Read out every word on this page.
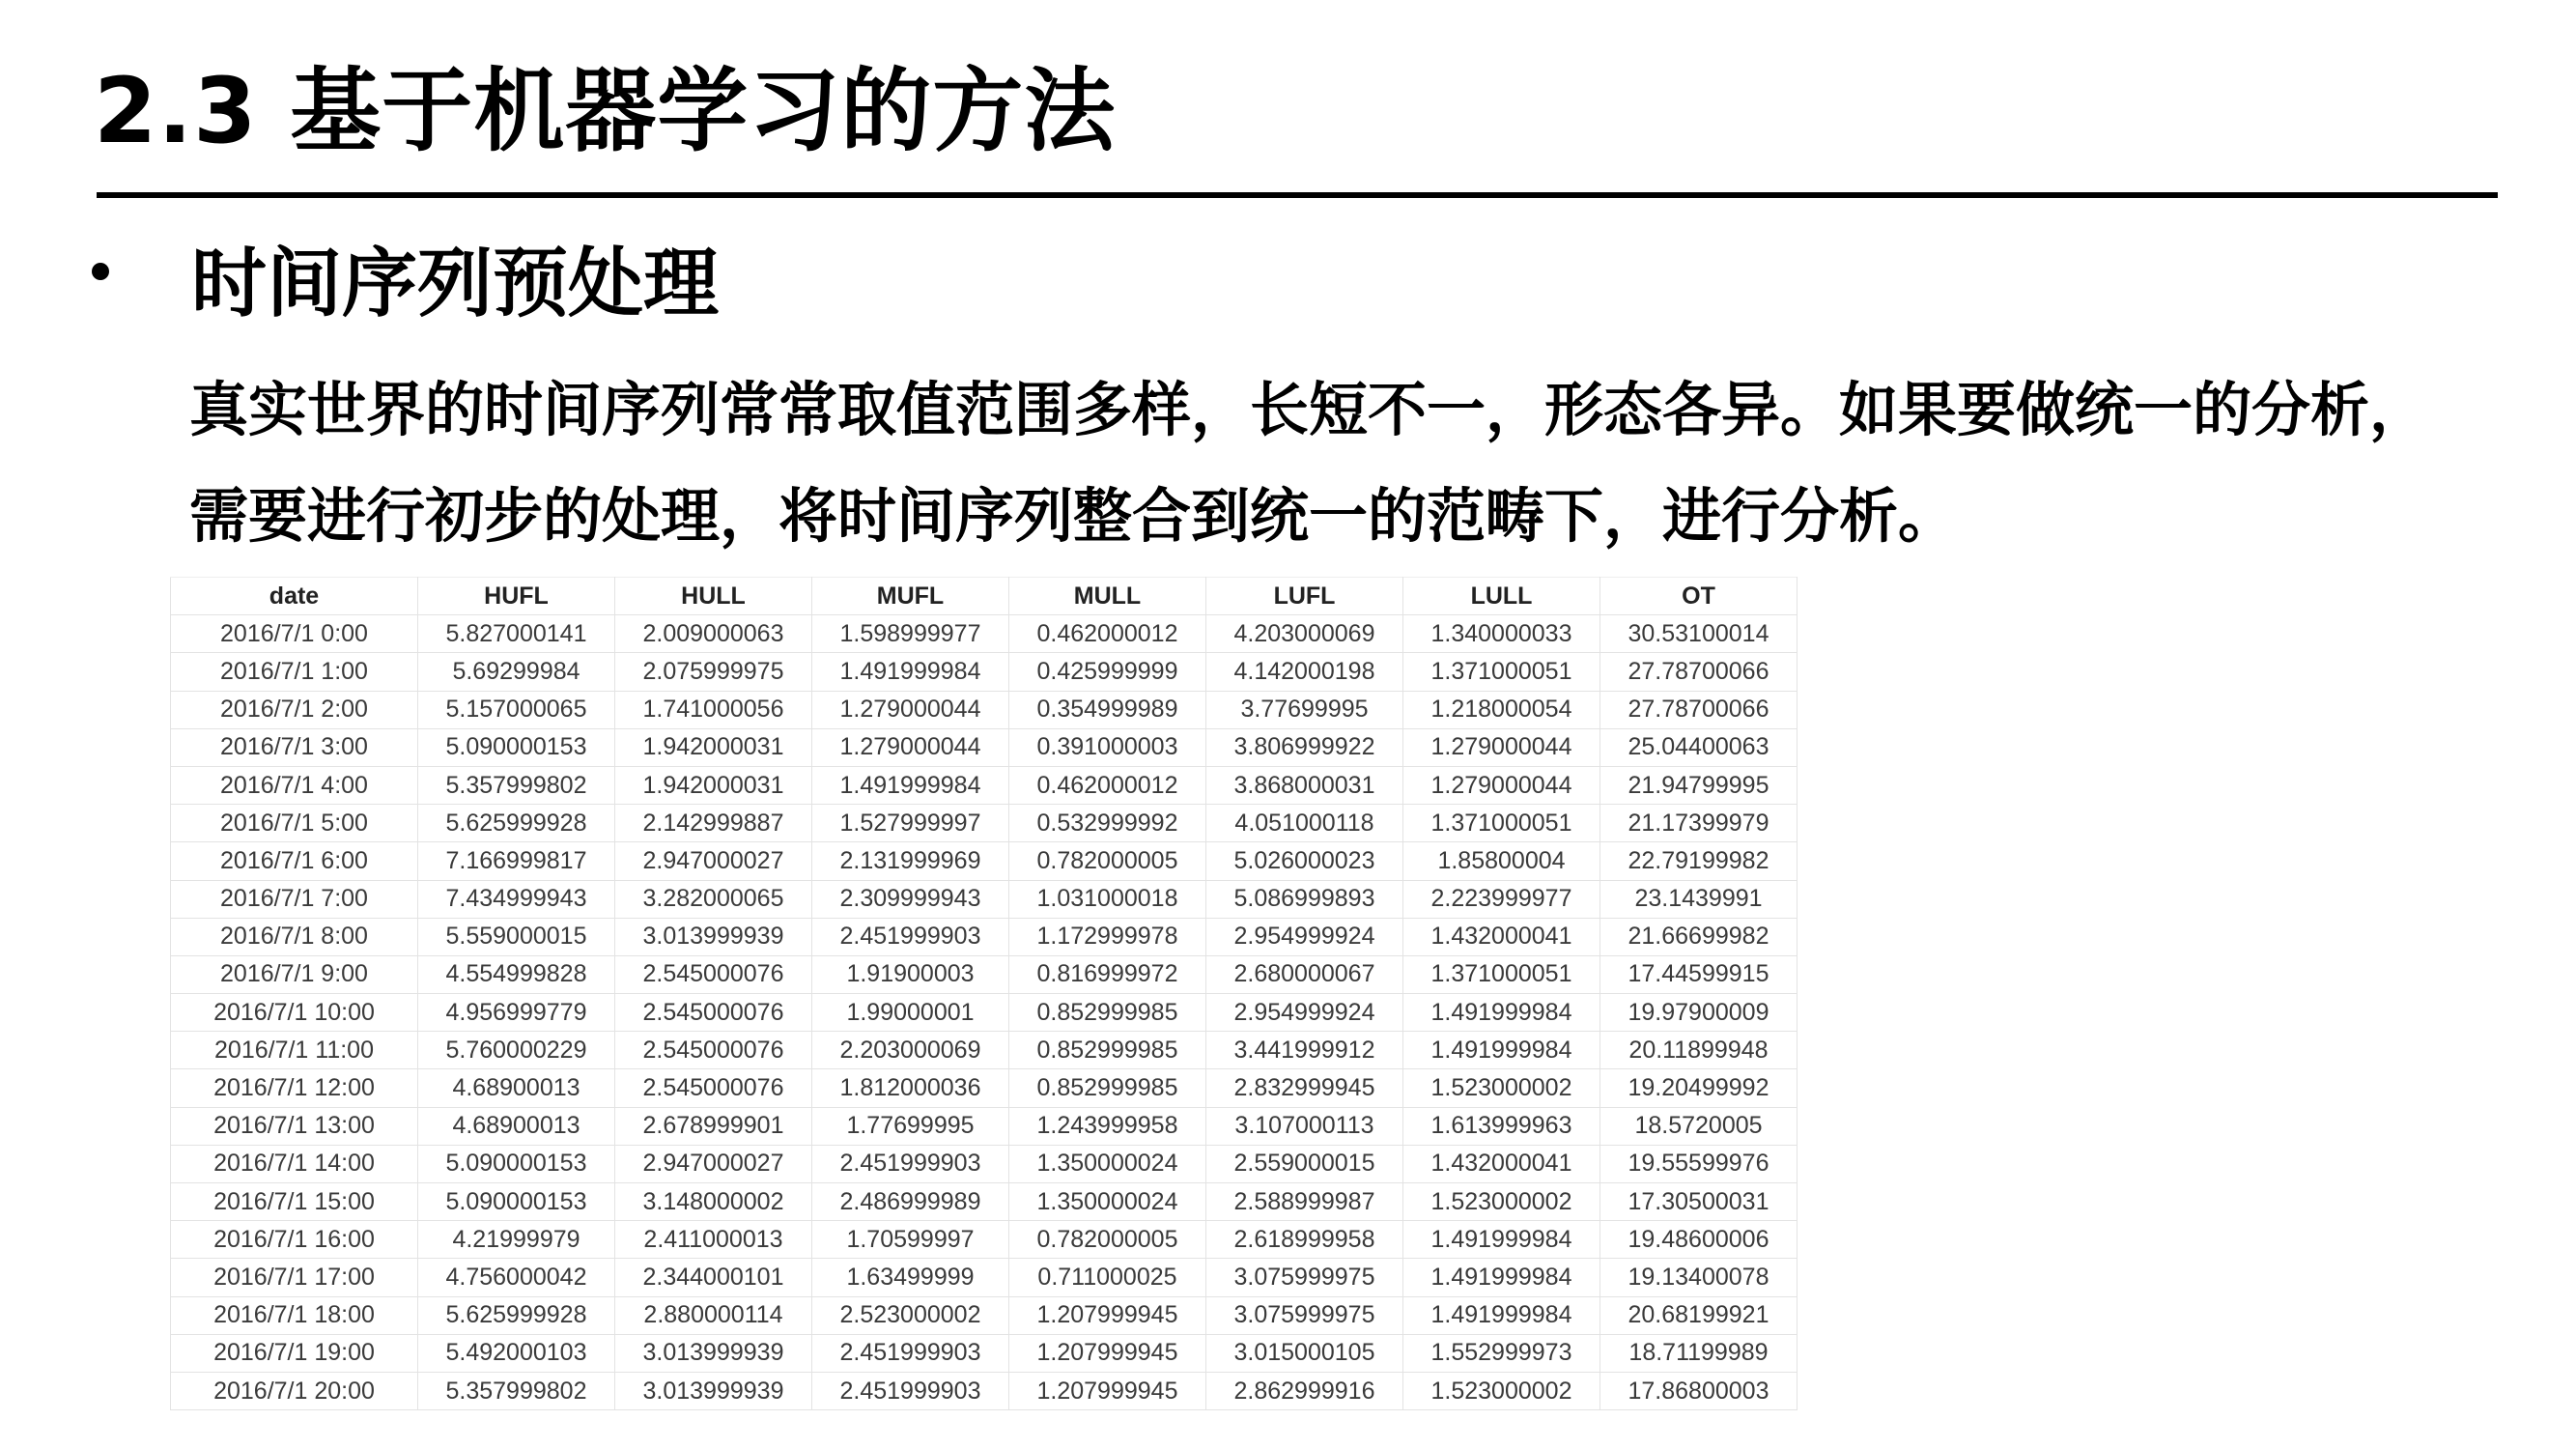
2.3 基于机器学习的方法
时间序列预处理

真实世界的时间序列常常取值范围多样，长短不一，形态各异。如果要做统一的分析，
需要进行初步的处理，将时间序列整合到统一的范畴下，进行分析。

date	HUFL	HULL	MUFL	MULL	LUFL	LULL	OT
2016/7/1 0:00	5.827000141	2.009000063	1.598999977	0.462000012	4.203000069	1.340000033	30.53100014
2016/7/1 1:00	5.69299984	2.075999975	1.491999984	0.425999999	4.142000198	1.371000051	27.78700066
2016/7/1 2:00	5.157000065	1.741000056	1.279000044	0.354999989	3.77699995	1.218000054	27.78700066
2016/7/1 3:00	5.090000153	1.942000031	1.279000044	0.391000003	3.806999922	1.279000044	25.04400063
2016/7/1 4:00	5.357999802	1.942000031	1.491999984	0.462000012	3.868000031	1.279000044	21.94799995
2016/7/1 5:00	5.625999928	2.142999887	1.527999997	0.532999992	4.051000118	1.371000051	21.17399979
2016/7/1 6:00	7.166999817	2.947000027	2.131999969	0.782000005	5.026000023	1.85800004	22.79199982
2016/7/1 7:00	7.434999943	3.282000065	2.309999943	1.031000018	5.086999893	2.223999977	23.1439991
2016/7/1 8:00	5.559000015	3.013999939	2.451999903	1.172999978	2.954999924	1.432000041	21.66699982
2016/7/1 9:00	4.554999828	2.545000076	1.91900003	0.816999972	2.680000067	1.371000051	17.44599915
2016/7/1 10:00	4.956999779	2.545000076	1.99000001	0.852999985	2.954999924	1.491999984	19.97900009
2016/7/1 11:00	5.760000229	2.545000076	2.203000069	0.852999985	3.441999912	1.491999984	20.11899948
2016/7/1 12:00	4.68900013	2.545000076	1.812000036	0.852999985	2.832999945	1.523000002	19.20499992
2016/7/1 13:00	4.68900013	2.678999901	1.77699995	1.243999958	3.107000113	1.613999963	18.5720005
2016/7/1 14:00	5.090000153	2.947000027	2.451999903	1.350000024	2.559000015	1.432000041	19.55599976
2016/7/1 15:00	5.090000153	3.148000002	2.486999989	1.350000024	2.588999987	1.523000002	17.30500031
2016/7/1 16:00	4.21999979	2.411000013	1.70599997	0.782000005	2.618999958	1.491999984	19.48600006
2016/7/1 17:00	4.756000042	2.344000101	1.63499999	0.711000025	3.075999975	1.491999984	19.13400078
2016/7/1 18:00	5.625999928	2.880000114	2.523000002	1.207999945	3.075999975	1.491999984	20.68199921
2016/7/1 19:00	5.492000103	3.013999939	2.451999903	1.207999945	3.015000105	1.552999973	18.71199989
2016/7/1 20:00	5.357999802	3.013999939	2.451999903	1.207999945	2.862999916	1.523000002	17.86800003
